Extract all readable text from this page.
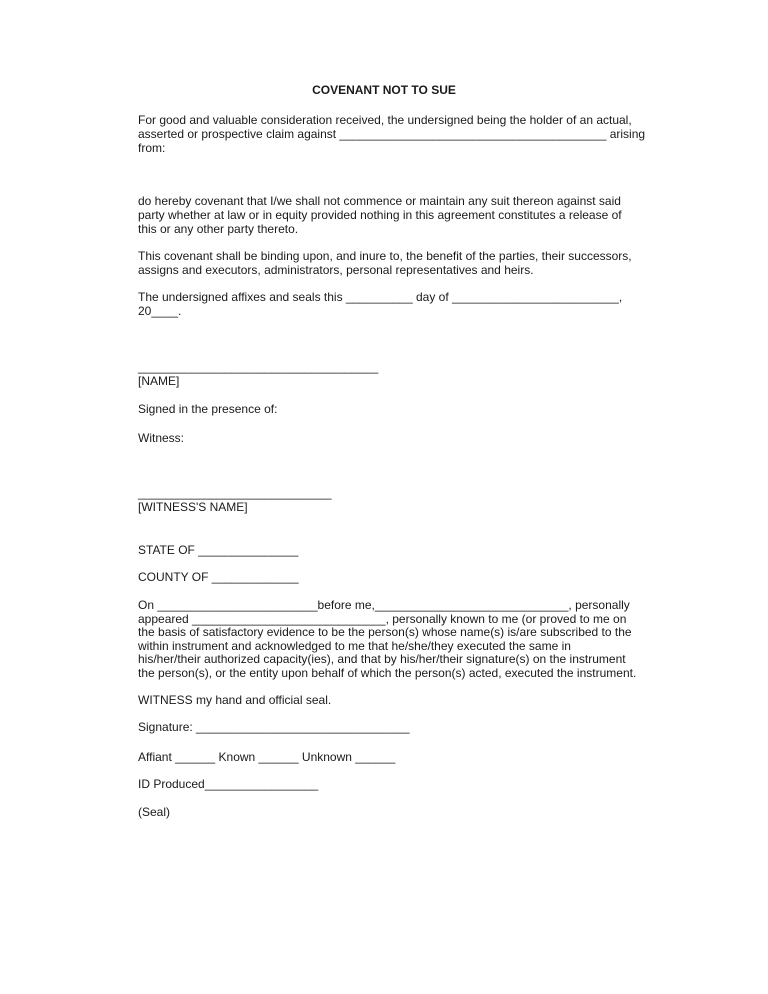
COVENANT NOT TO SUE
For good and valuable consideration received, the undersigned being the holder of an actual,
asserted or prospective claim against ________________________________________ arising
from:
do hereby covenant that I/we shall not commence or maintain any suit thereon against said
party whether at law or in equity provided nothing in this agreement constitutes a release of
this or any other party thereto.
This covenant shall be binding upon, and inure to, the benefit of the parties, their successors,
assigns and executors, administrators, personal representatives and heirs.
The undersigned affixes and seals this __________ day of _________________________,
20____.
____________________________________
[NAME]
Signed in the presence of:
Witness:
_____________________________
[WITNESS'S NAME]
STATE OF _______________
COUNTY OF _____________
On ________________________before me,_____________________________, personally
appeared _____________________________, personally known to me (or proved to me on
the basis of satisfactory evidence to be the person(s) whose name(s) is/are subscribed to the
within instrument and acknowledged to me that he/she/they executed the same in
his/her/their authorized capacity(ies), and that by his/her/their signature(s) on the instrument
the person(s), or the entity upon behalf of which the person(s) acted, executed the instrument.
WITNESS my hand and official seal.
Signature: ________________________________
Affiant ______ Known ______ Unknown ______
ID Produced_________________
(Seal)
